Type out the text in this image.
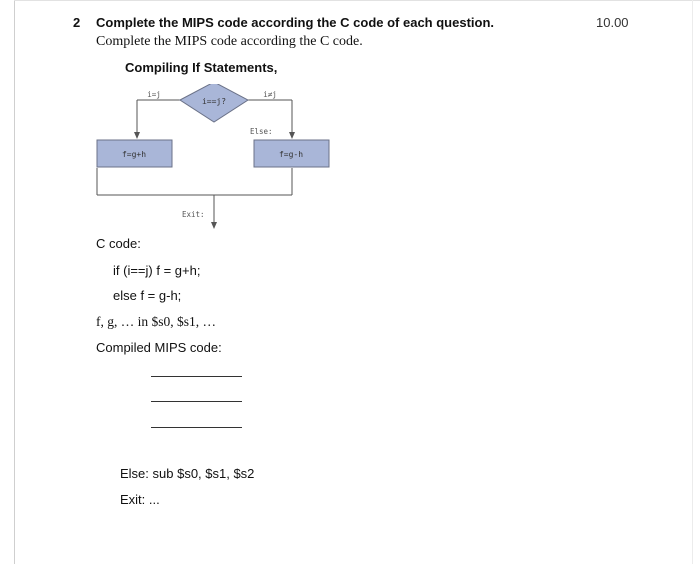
2 Complete the MIPS code according the C code of each question.	10.00
Complete the MIPS code according the C code.
Compiling If Statements,
i==j?
i=j	i≠j
f=g+h	f=g-h
Else:
Exit:
C code:
if (i==j) f = g+h;
else f = g-h;
f, g, … in $s0, $s1, …
Compiled MIPS code:
Else: sub $s0, $s1, $s2
Exit: ...
